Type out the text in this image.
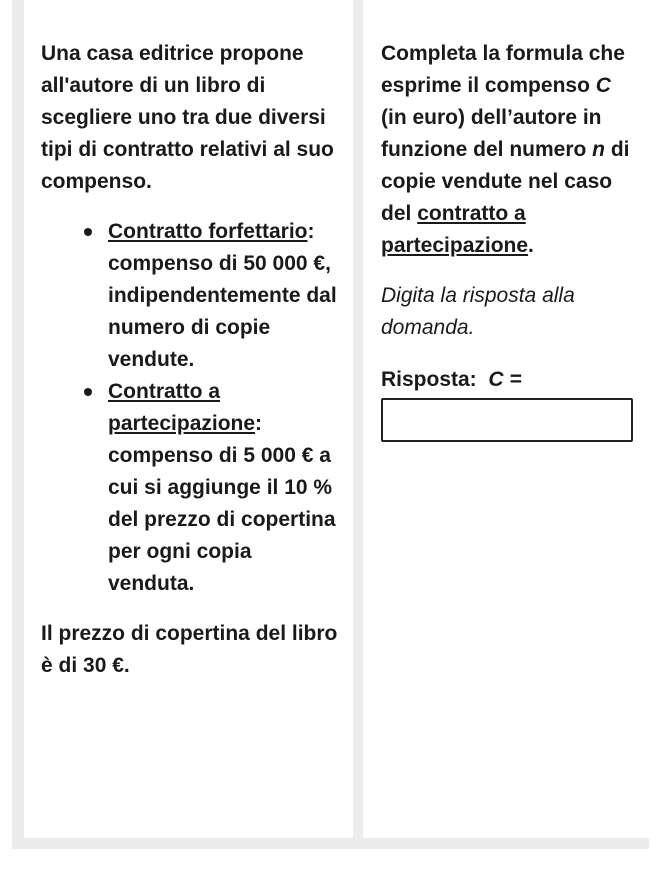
Una casa editrice propone all'autore di un libro di scegliere uno tra due diversi tipi di contratto relativi al suo compenso.

Contratto forfettario: compenso di 50 000 €, indipendentemente dal numero di copie vendute.
Contratto a partecipazione: compenso di 5 000 € a cui si aggiunge il 10 % del prezzo di copertina per ogni copia venduta.

Il prezzo di copertina del libro è di 30 €.

Completa la formula che esprime il compenso C (in euro) dell’autore in funzione del numero n di copie vendute nel caso del contratto a partecipazione.

Digita la risposta alla domanda.

Risposta: C =
